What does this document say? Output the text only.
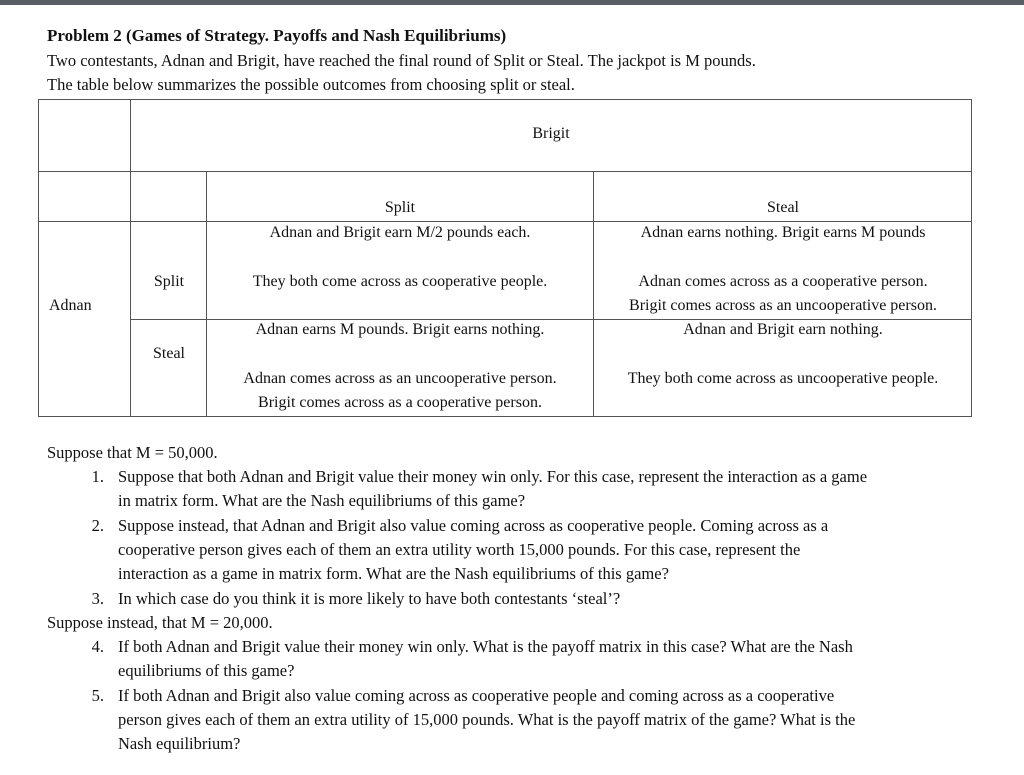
Problem 2 (Games of Strategy. Payoffs and Nash Equilibriums)
Two contestants, Adnan and Brigit, have reached the final round of Split or Steal. The jackpot is M pounds.
The table below summarizes the possible outcomes from choosing split or steal.
Brigit
Split	Steal
Adnan
Split
Steal
Adnan and Brigit earn M/2 pounds each.
They both come across as cooperative people.
Adnan earns nothing. Brigit earns M pounds
Adnan comes across as a cooperative person.
Brigit comes across as an uncooperative person.
Adnan earns M pounds. Brigit earns nothing.
Adnan comes across as an uncooperative person.
Brigit comes across as a cooperative person.
Adnan and Brigit earn nothing.
They both come across as uncooperative people.
Suppose that M = 50,000.
1. Suppose that both Adnan and Brigit value their money win only. For this case, represent the interaction as a game
in matrix form. What are the Nash equilibriums of this game?
2. Suppose instead, that Adnan and Brigit also value coming across as cooperative people. Coming across as a
cooperative person gives each of them an extra utility worth 15,000 pounds. For this case, represent the
interaction as a game in matrix form. What are the Nash equilibriums of this game?
3. In which case do you think it is more likely to have both contestants ‘steal’?
Suppose instead, that M = 20,000.
4. If both Adnan and Brigit value their money win only. What is the payoff matrix in this case? What are the Nash
equilibriums of this game?
5. If both Adnan and Brigit also value coming across as cooperative people and coming across as a cooperative
person gives each of them an extra utility of 15,000 pounds. What is the payoff matrix of the game? What is the
Nash equilibrium?
